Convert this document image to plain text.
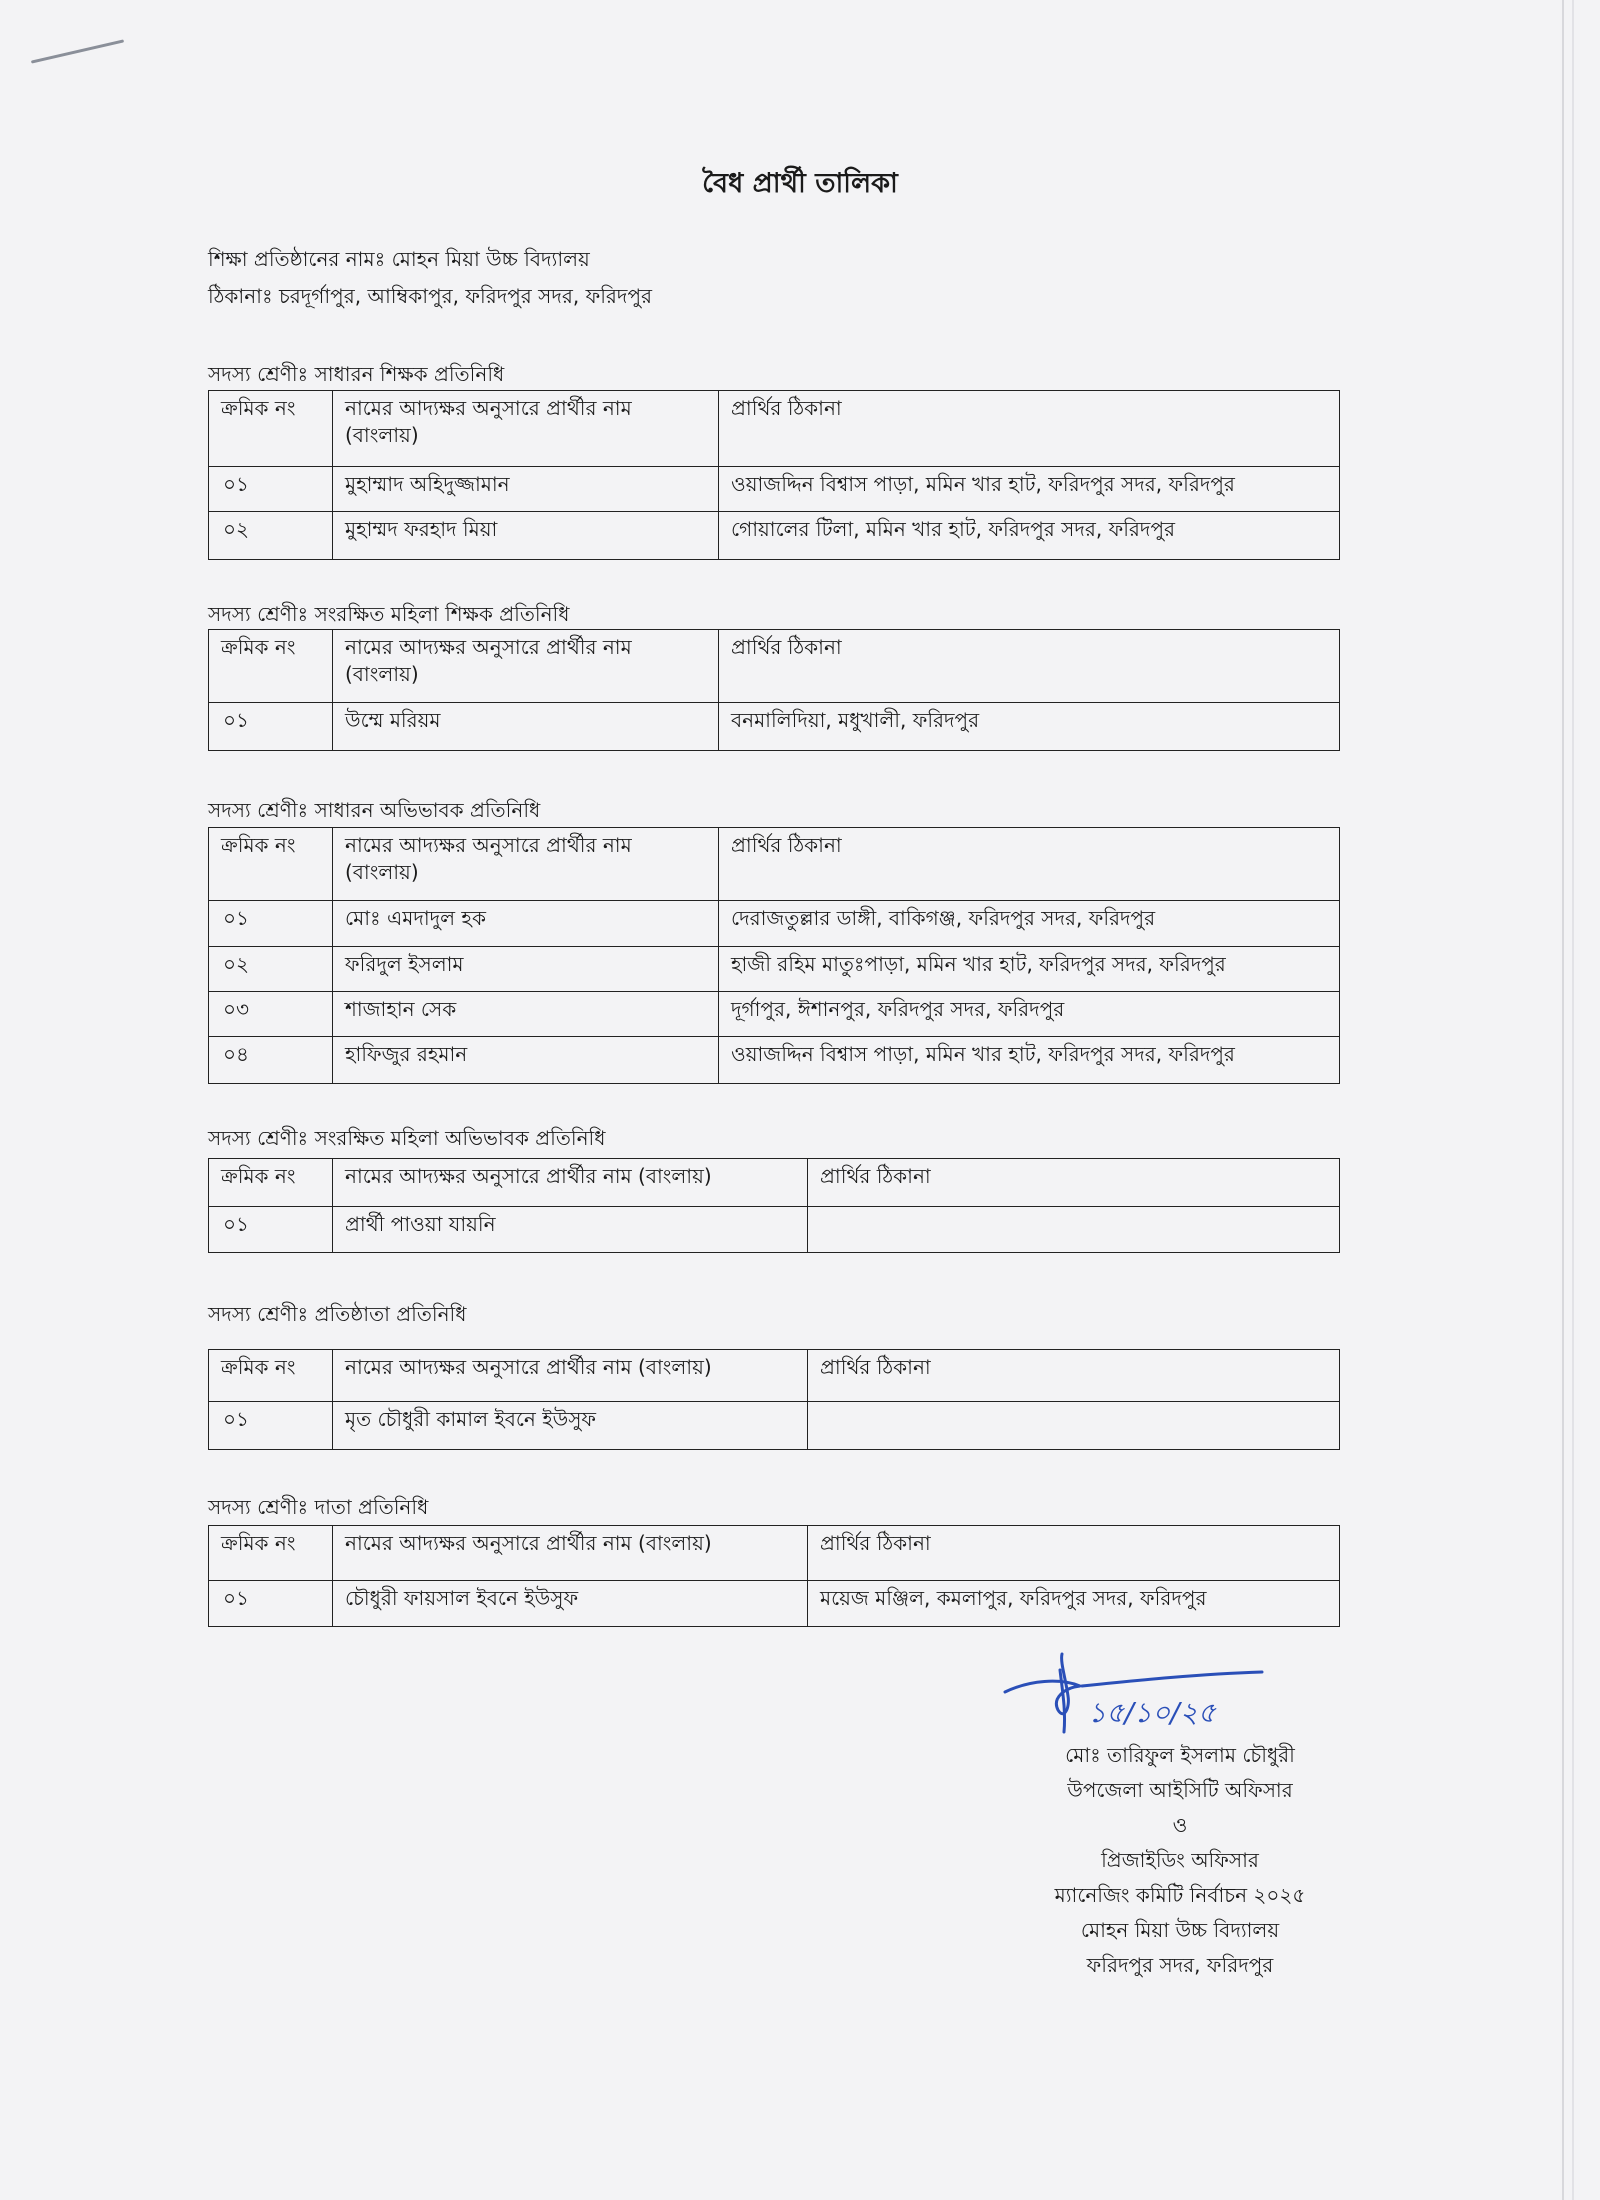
বৈধ প্রার্থী তালিকা
শিক্ষা প্রতিষ্ঠানের নামঃ মোহন মিয়া উচ্চ বিদ্যালয়
ঠিকানাঃ চরদূর্গাপুর, আম্বিকাপুর, ফরিদপুর সদর, ফরিদপুর
সদস্য শ্রেণীঃ সাধারন শিক্ষক প্রতিনিধি
ক্রমিক নং	নামের আদ্যক্ষর অনুসারে প্রার্থীর নাম (বাংলায়)	প্রার্থির ঠিকানা
০১	মুহাম্মাদ অহিদুজ্জামান	ওয়াজদ্দিন বিশ্বাস পাড়া, মমিন খার হাট, ফরিদপুর সদর, ফরিদপুর
০২	মুহাম্মদ ফরহাদ মিয়া	গোয়ালের টিলা, মমিন খার হাট, ফরিদপুর সদর, ফরিদপুর
সদস্য শ্রেণীঃ সংরক্ষিত মহিলা শিক্ষক প্রতিনিধি
ক্রমিক নং	নামের আদ্যক্ষর অনুসারে প্রার্থীর নাম (বাংলায়)	প্রার্থির ঠিকানা
০১	উম্মে মরিয়ম	বনমালিদিয়া, মধুখালী, ফরিদপুর
সদস্য শ্রেণীঃ সাধারন অভিভাবক প্রতিনিধি
ক্রমিক নং	নামের আদ্যক্ষর অনুসারে প্রার্থীর নাম (বাংলায়)	প্রার্থির ঠিকানা
০১	মোঃ এমদাদুল হক	দেরাজতুল্লার ডাঙ্গী, বাকিগঞ্জ, ফরিদপুর সদর, ফরিদপুর
০২	ফরিদুল ইসলাম	হাজী রহিম মাতুঃপাড়া, মমিন খার হাট, ফরিদপুর সদর, ফরিদপুর
০৩	শাজাহান সেক	দূর্গাপুর, ঈশানপুর, ফরিদপুর সদর, ফরিদপুর
০৪	হাফিজুর রহমান	ওয়াজদ্দিন বিশ্বাস পাড়া, মমিন খার হাট, ফরিদপুর সদর, ফরিদপুর
সদস্য শ্রেণীঃ সংরক্ষিত মহিলা অভিভাবক প্রতিনিধি
ক্রমিক নং	নামের আদ্যক্ষর অনুসারে প্রার্থীর নাম (বাংলায়)	প্রার্থির ঠিকানা
০১	প্রার্থী পাওয়া যায়নি	
সদস্য শ্রেণীঃ প্রতিষ্ঠাতা প্রতিনিধি
ক্রমিক নং	নামের আদ্যক্ষর অনুসারে প্রার্থীর নাম (বাংলায়)	প্রার্থির ঠিকানা
০১	মৃত চৌধুরী কামাল ইবনে ইউসুফ	
সদস্য শ্রেণীঃ দাতা প্রতিনিধি
ক্রমিক নং	নামের আদ্যক্ষর অনুসারে প্রার্থীর নাম (বাংলায়)	প্রার্থির ঠিকানা
০১	চৌধুরী ফায়সাল ইবনে ইউসুফ	ময়েজ মঞ্জিল, কমলাপুর, ফরিদপুর সদর, ফরিদপুর
১৫/১০/২৫
মোঃ তারিফুল ইসলাম চৌধুরী
উপজেলা আইসিটি অফিসার
ও
প্রিজাইডিং অফিসার
ম্যানেজিং কমিটি নির্বাচন ২০২৫
মোহন মিয়া উচ্চ বিদ্যালয়
ফরিদপুর সদর, ফরিদপুর
